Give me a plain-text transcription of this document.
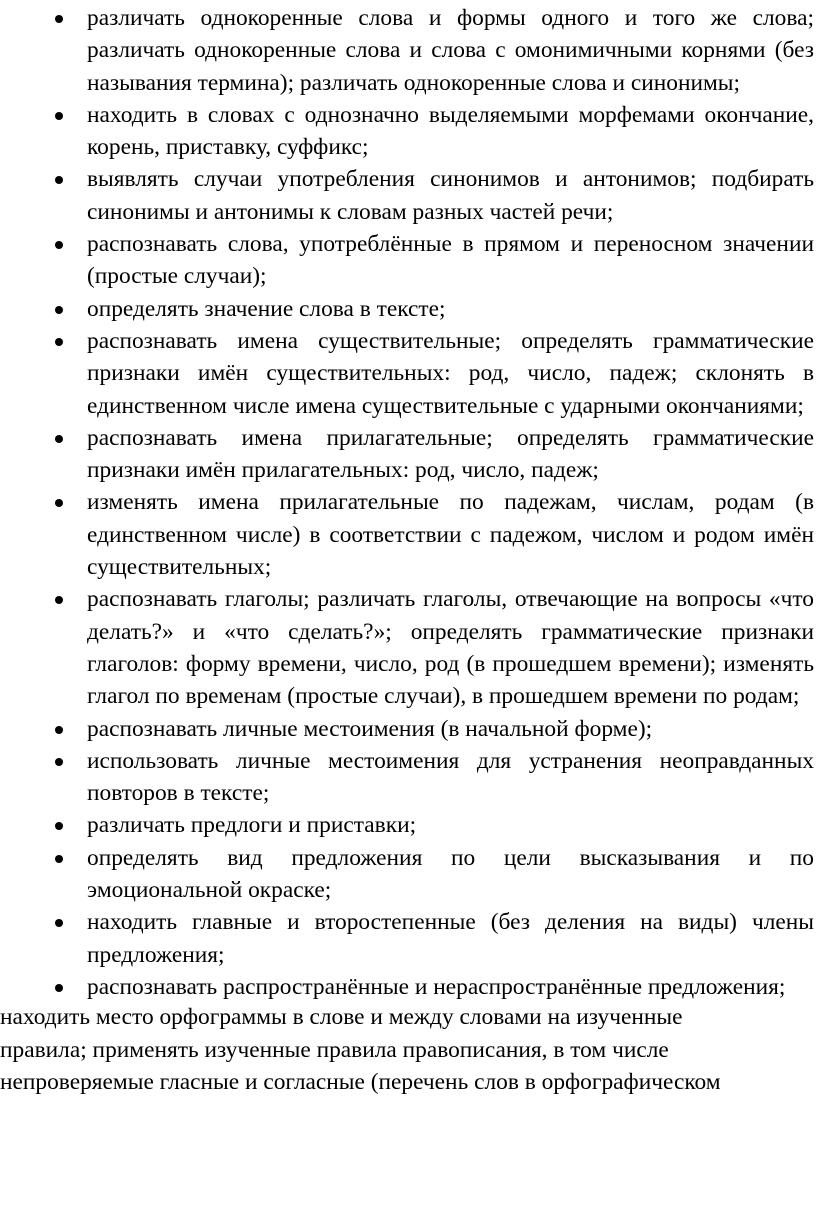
различать однокоренные слова и формы одного и того же слова; различать однокоренные слова и слова с омонимичными корнями (без называния термина); различать однокоренные слова и синонимы;
находить в словах с однозначно выделяемыми морфемами окончание, корень, приставку, суффикс;
выявлять случаи употребления синонимов и антонимов; подбирать синонимы и антонимы к словам разных частей речи;
распознавать слова, употреблённые в прямом и переносном значении (простые случаи);
определять значение слова в тексте;
распознавать имена существительные; определять грамматические признаки имён существительных: род, число, падеж; склонять в единственном числе имена существительные с ударными окончаниями;
распознавать имена прилагательные; определять грамматические признаки имён прилагательных: род, число, падеж;
изменять имена прилагательные по падежам, числам, родам (в единственном числе) в соответствии с падежом, числом и родом имён существительных;
распознавать глаголы; различать глаголы, отвечающие на вопросы «что делать?» и «что сделать?»; определять грамматические признаки глаголов: форму времени, число, род (в прошедшем времени); изменять глагол по временам (простые случаи), в прошедшем времени по родам;
распознавать личные местоимения (в начальной форме);
использовать личные местоимения для устранения неоправданных повторов в тексте;
различать предлоги и приставки;
определять вид предложения по цели высказывания и по эмоциональной окраске;
находить главные и второстепенные (без деления на виды) члены предложения;
распознавать распространённые и нераспространённые предложения;
находить место орфограммы в слове и между словами на изученные
правила; применять изученные правила правописания, в том числе
непроверяемые гласные и согласные (перечень слов в орфографическом
